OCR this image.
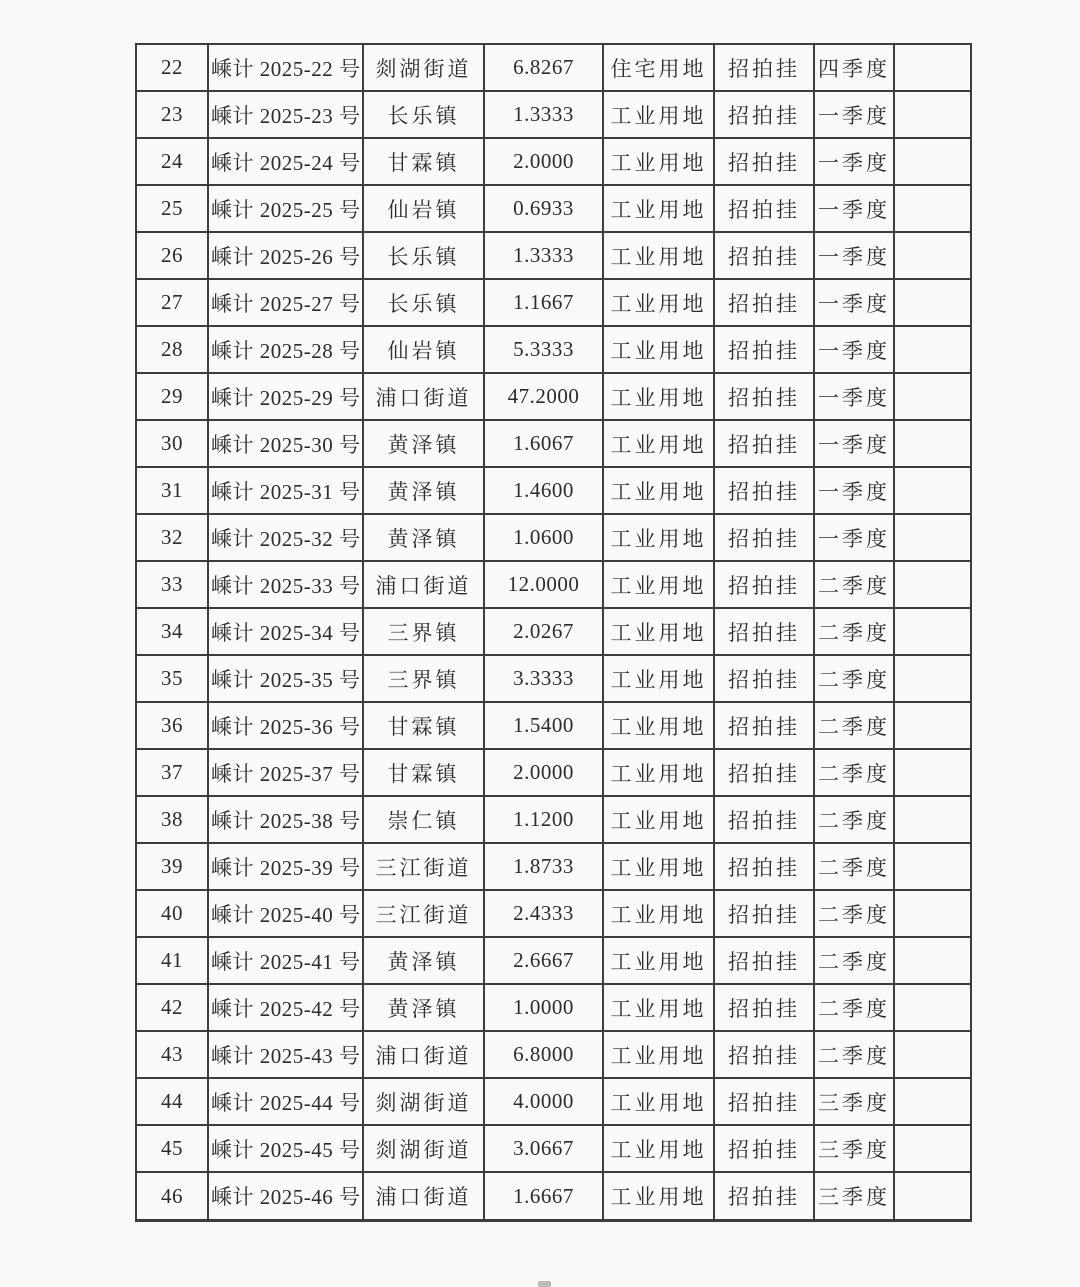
22	嵊计 2025-22 号	剡湖街道	6.8267	住宅用地	招拍挂	四季度	
23	嵊计 2025-23 号	长乐镇	1.3333	工业用地	招拍挂	一季度	
24	嵊计 2025-24 号	甘霖镇	2.0000	工业用地	招拍挂	一季度	
25	嵊计 2025-25 号	仙岩镇	0.6933	工业用地	招拍挂	一季度	
26	嵊计 2025-26 号	长乐镇	1.3333	工业用地	招拍挂	一季度	
27	嵊计 2025-27 号	长乐镇	1.1667	工业用地	招拍挂	一季度	
28	嵊计 2025-28 号	仙岩镇	5.3333	工业用地	招拍挂	一季度	
29	嵊计 2025-29 号	浦口街道	47.2000	工业用地	招拍挂	一季度	
30	嵊计 2025-30 号	黄泽镇	1.6067	工业用地	招拍挂	一季度	
31	嵊计 2025-31 号	黄泽镇	1.4600	工业用地	招拍挂	一季度	
32	嵊计 2025-32 号	黄泽镇	1.0600	工业用地	招拍挂	一季度	
33	嵊计 2025-33 号	浦口街道	12.0000	工业用地	招拍挂	二季度	
34	嵊计 2025-34 号	三界镇	2.0267	工业用地	招拍挂	二季度	
35	嵊计 2025-35 号	三界镇	3.3333	工业用地	招拍挂	二季度	
36	嵊计 2025-36 号	甘霖镇	1.5400	工业用地	招拍挂	二季度	
37	嵊计 2025-37 号	甘霖镇	2.0000	工业用地	招拍挂	二季度	
38	嵊计 2025-38 号	崇仁镇	1.1200	工业用地	招拍挂	二季度	
39	嵊计 2025-39 号	三江街道	1.8733	工业用地	招拍挂	二季度	
40	嵊计 2025-40 号	三江街道	2.4333	工业用地	招拍挂	二季度	
41	嵊计 2025-41 号	黄泽镇	2.6667	工业用地	招拍挂	二季度	
42	嵊计 2025-42 号	黄泽镇	1.0000	工业用地	招拍挂	二季度	
43	嵊计 2025-43 号	浦口街道	6.8000	工业用地	招拍挂	二季度	
44	嵊计 2025-44 号	剡湖街道	4.0000	工业用地	招拍挂	三季度	
45	嵊计 2025-45 号	剡湖街道	3.0667	工业用地	招拍挂	三季度	
46	嵊计 2025-46 号	浦口街道	1.6667	工业用地	招拍挂	三季度	
